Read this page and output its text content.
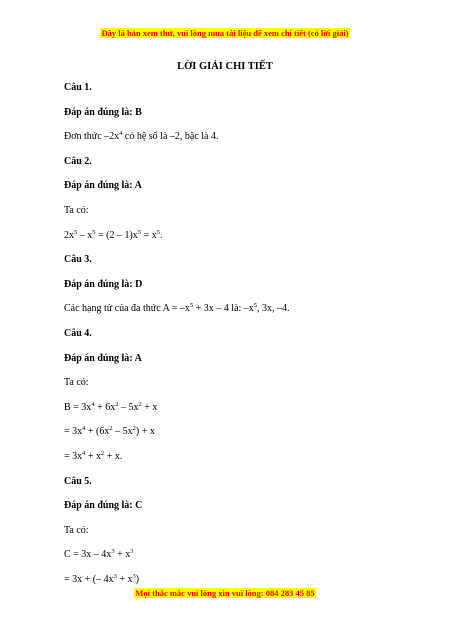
Đây là bản xem thử, vui lòng mua tài liệu để xem chi tiết (có lời giải)
LỜI GIẢI CHI TIẾT
Câu 1.
Đáp án đúng là: B
Đơn thức $-2x^4$ có hệ số là –2, bậc là 4.
Câu 2.
Đáp án đúng là: A
Ta có:
$2x^5 - x^5 = (2 - 1)x^5 = x^5$.
Câu 3.
Đáp án đúng là: D
Các hạng tử của đa thức $A = -x^5 + 3x - 4$ là: $-x^5$, 3x, –4.
Câu 4.
Đáp án đúng là: A
Ta có:
$B = 3x^4 + 6x^2 - 5x^2 + x$
= $3x^4 + (6x^2 - 5x^2) + x$
= $3x^4 + x^2 + x$.
Câu 5.
Đáp án đúng là: C
Ta có:
$C = 3x - 4x^3 + x^3$
= 3x + (– $4x^3 + x^3$)
Mọi thắc mắc vui lòng xin vui lòng: 084 283 45 85
